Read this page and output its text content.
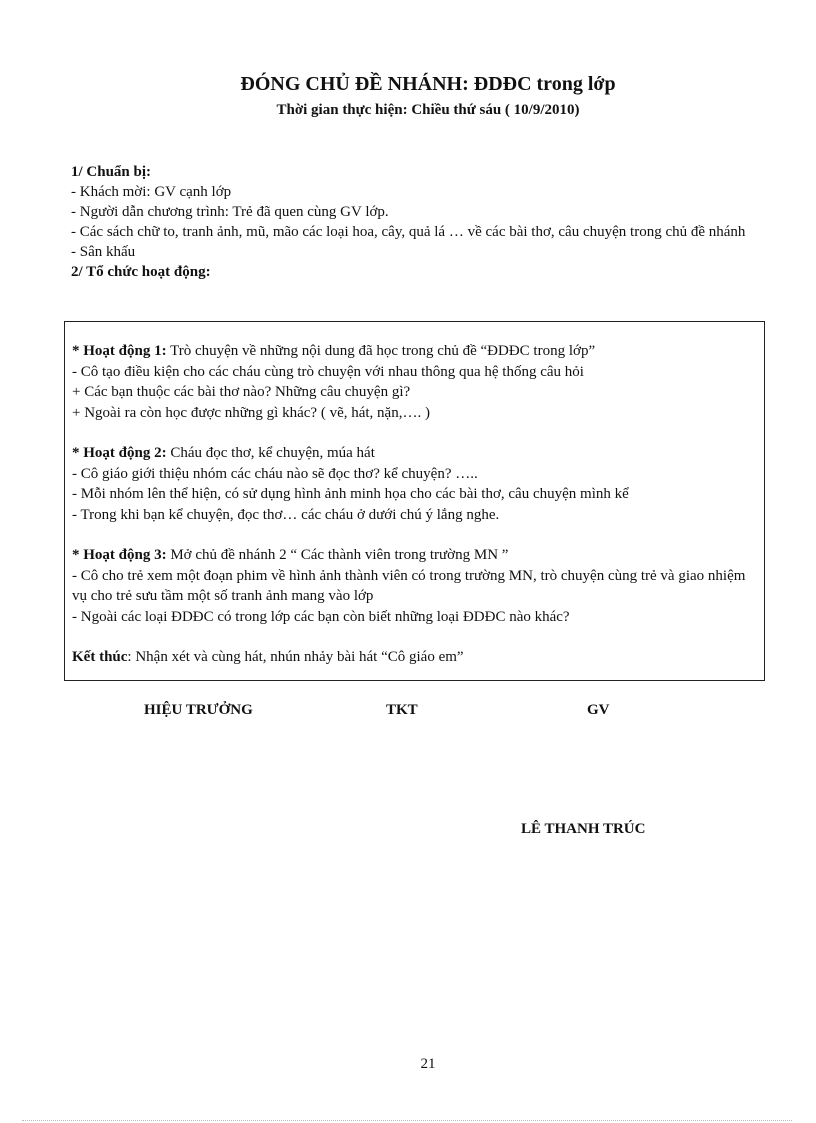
ĐÓNG CHỦ ĐỀ NHÁNH: ĐDĐC trong lớp
Thời gian thực hiện: Chiều thứ sáu ( 10/9/2010)
1/ Chuẩn bị:
- Khách mời: GV cạnh lớp
- Người dẫn chương trình: Trẻ đã quen cùng GV lớp.
- Các sách chữ to, tranh ảnh, mũ, mão các loại hoa, cây, quả lá … về các bài thơ, câu chuyện trong chủ đề nhánh
- Sân khấu
2/ Tổ chức hoạt động:
* Hoạt động 1: Trò chuyện về những nội dung đã học trong chủ đề “ĐDĐC trong lớp”
- Cô tạo điều kiện cho các cháu cùng trò chuyện với nhau thông qua hệ thống câu hỏi
+ Các bạn thuộc các bài thơ nào? Những câu chuyện gì?
+ Ngoài ra còn học được những gì khác? ( vẽ, hát, nặn,…. )
* Hoạt động 2: Cháu đọc thơ, kể chuyện, múa hát
- Cô giáo giới thiệu nhóm các cháu nào sẽ đọc thơ? kể chuyện? …..
- Mỗi nhóm lên thể hiện, có sử dụng hình ảnh minh họa cho các bài thơ, câu chuyện mình kể
- Trong khi bạn kể chuyện, đọc thơ… các cháu ở dưới chú ý lắng nghe.
* Hoạt động 3: Mở chủ đề nhánh 2 “ Các thành viên trong trường MN ”
- Cô cho trẻ xem một đoạn phim về hình ảnh thành viên có trong trường MN, trò chuyện cùng trẻ và giao nhiệm vụ cho trẻ sưu tầm một số tranh ảnh mang vào lớp
- Ngoài các loại ĐDĐC có trong lớp các bạn còn biết những loại ĐDĐC nào khác?
Kết thúc: Nhận xét và cùng hát, nhún nhảy bài hát “Cô giáo em”
HIỆU TRƯỞNG	TKT	GV
LÊ THANH TRÚC
21
